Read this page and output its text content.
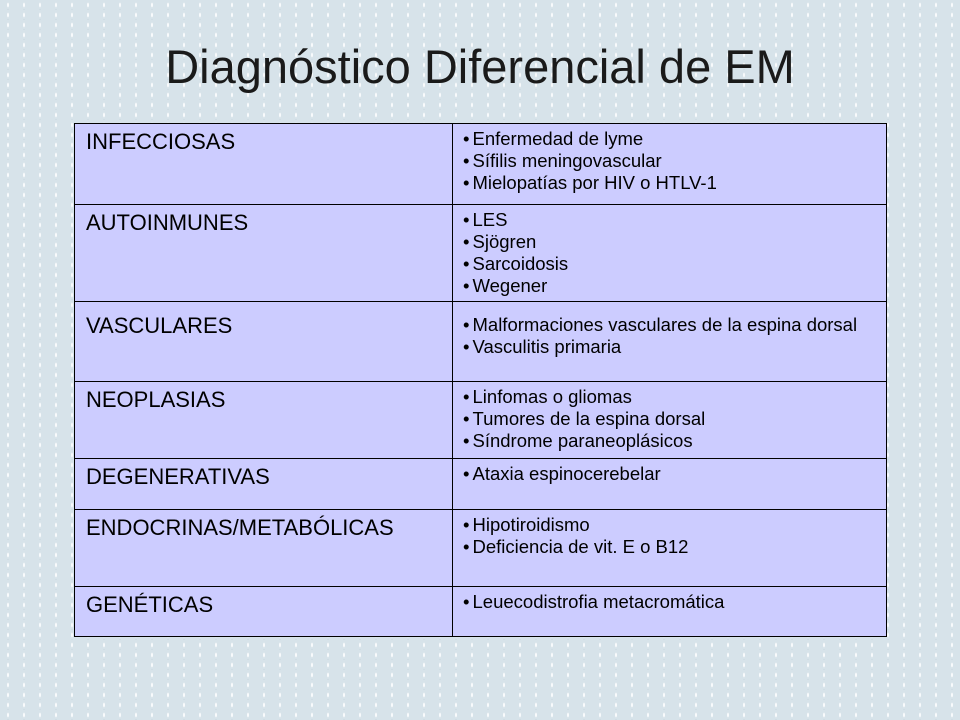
Diagnóstico Diferencial de EM
INFECCIOSAS	• Enfermedad de lyme
• Sífilis meningovascular
• Mielopatías por HIV o HTLV-1
AUTOINMUNES	• LES
• Sjögren
• Sarcoidosis
• Wegener
VASCULARES	• Malformaciones vasculares de la espina dorsal
• Vasculitis primaria
NEOPLASIAS	• Linfomas o gliomas
• Tumores de la espina dorsal
• Síndrome paraneoplásicos
DEGENERATIVAS	• Ataxia espinocerebelar
ENDOCRINAS/METABÓLICAS	• Hipotiroidismo
• Deficiencia de vit. E o B12
GENÉTICAS	• Leuecodistrofia metacromática
